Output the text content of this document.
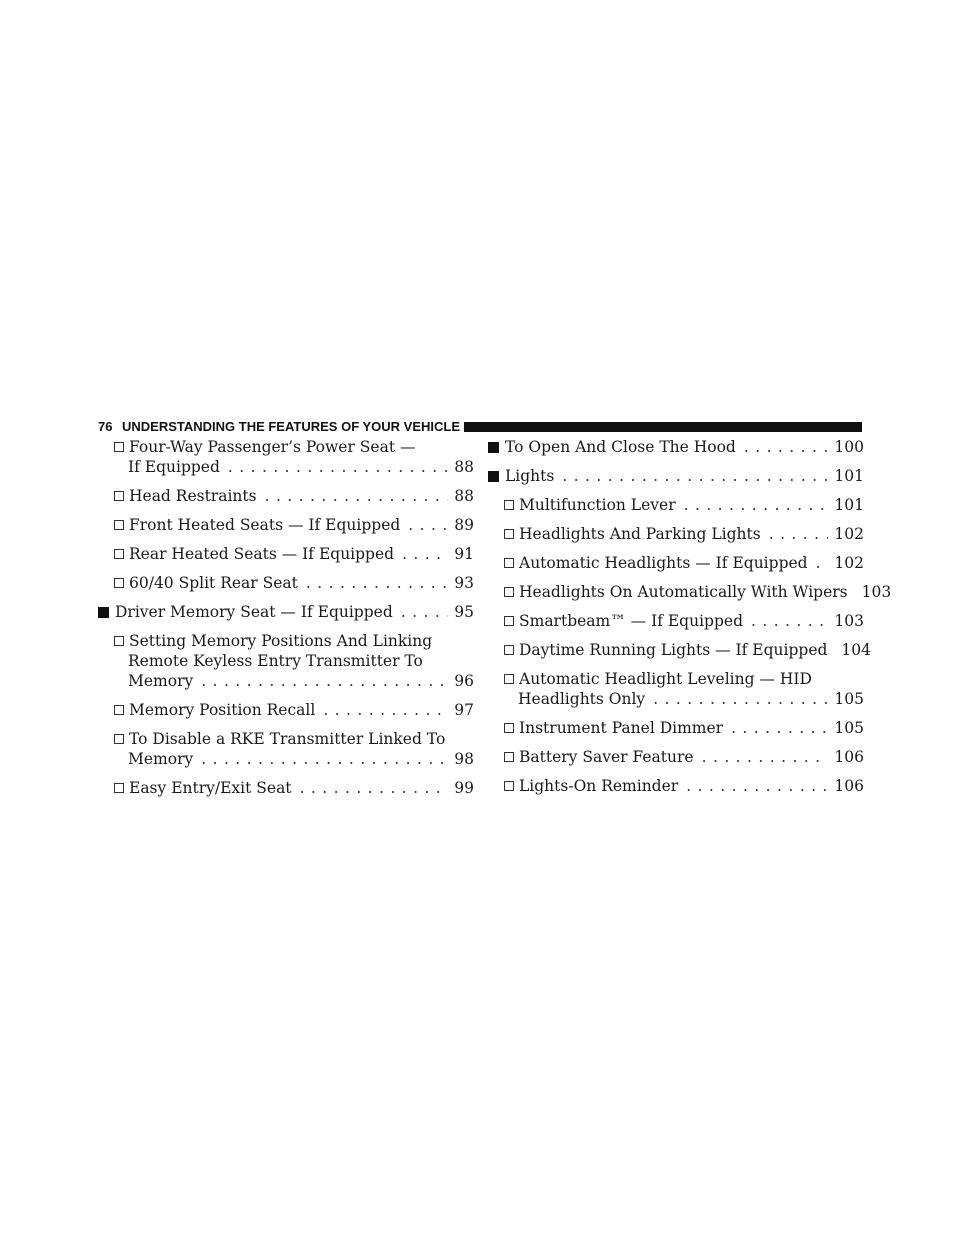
76 UNDERSTANDING THE FEATURES OF YOUR VEHICLE
Four-Way Passenger’s Power Seat —
If Equipped . . .	88
Head Restraints . . .	88
Front Heated Seats — If Equipped . . .	89
Rear Heated Seats — If Equipped . . .	91
60/40 Split Rear Seat . . .	93
Driver Memory Seat — If Equipped . . .	95
Setting Memory Positions And Linking
Remote Keyless Entry Transmitter To
Memory . . .	96
Memory Position Recall . . .	97
To Disable a RKE Transmitter Linked To
Memory . . .	98
Easy Entry/Exit Seat . . .	99
To Open And Close The Hood . . .	100
Lights . . .	101
Multifunction Lever . . .	101
Headlights And Parking Lights . . .	102
Automatic Headlights — If Equipped . . . 102
Headlights On Automatically With Wipers 103
Smartbeam™ — If Equipped . . .	103
Daytime Running Lights — If Equipped 104
Automatic Headlight Leveling — HID
Headlights Only . . .	105
Instrument Panel Dimmer . . .	105
Battery Saver Feature . . .	106
Lights-On Reminder . . .	106
